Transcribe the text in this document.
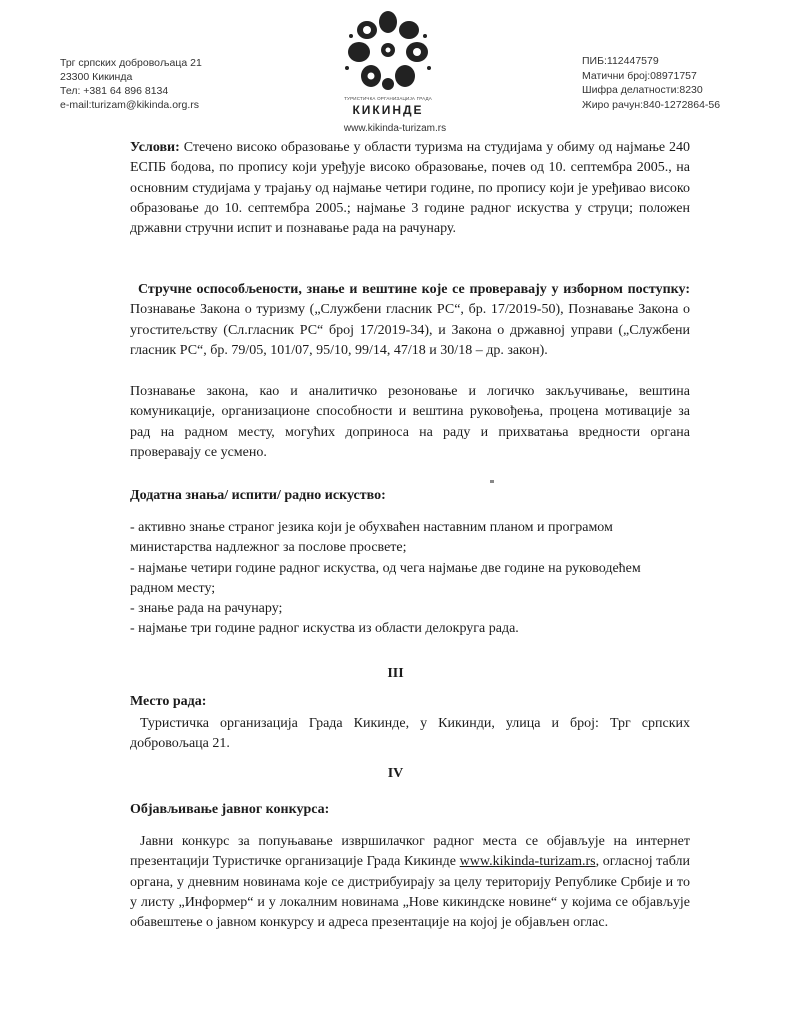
Трг српских добровољаца 21
23300 Кикинда
Тел: +381 64 896 8134
e-mail:turizam@kikinda.org.rs
ТУРИСТИЧКА ОРГАНИЗАЦИЈА ГРАДА
КИКИНДЕ
www.kikinda-turizam.rs
ПИБ:112447579
Матични број:08971757
Шифра делатности:8230
Жиро рачун:840-1272864-56

Услови: Стечено високо образовање у области туризма на студијама у обиму од најмање 240 ЕСПБ бодова, по пропису који уређује високо образовање, почев од 10. септембра 2005., на основним студијама у трајању од најмање четири године, по пропису који је уређивао високо образовање до 10. септембра 2005.; најмање 3 године радног искуства у струци; положен државни стручни испит и познавање рада на рачунару.

Стручне оспособљености, знање и вештине које се проверавају у изборном поступку: Познавање Закона о туризму („Службени гласник РС“, бр. 17/2019-50), Познавање Закона о угоститељству (Сл.гласник РС“ број 17/2019-34), и Закона о државној управи („Службени гласник РС“, бр. 79/05, 101/07, 95/10, 99/14, 47/18 и 30/18 – др. закон).

Познавање закона, као и аналитичко резоновање и логичко закључивање, вештина комуникације, организационе способности и вештина руковођења, процена мотивације за рад на радном месту, могућих доприноса на раду и прихватања вредности органа проверавају се усмено.

Додатна знања/ испити/ радно искуство:
- активно знање страног језика који је обухваћен наставним планом и програмом
министарства надлежног за послове просвете;
- најмање четири године радног искуства, од чега најмање две године на руководећем
радном месту;
- знање рада на рачунару;
- најмање три године радног искуства из области делокруга рада.
III
Место рада:

Туристичка организација Града Кикинде, у Кикинди, улица и број: Трг српских добровољаца 21.

IV
Објављивање јавног конкурса:

Јавни конкурс за попуњавање извршилачког радног места се објављује на интернет презентацији Туристичке организације Града Кикинде www.kikinda-turizam.rs, огласној табли органа, у дневним новинама које се дистрибуирају за целу територију Републике Србије и то у листу „Информер“ и у локалним новинама „Нове кикиндске новине“ у којима се објављује обавештење о јавном конкурсу и адреса презентације на којој је објављен оглас.
